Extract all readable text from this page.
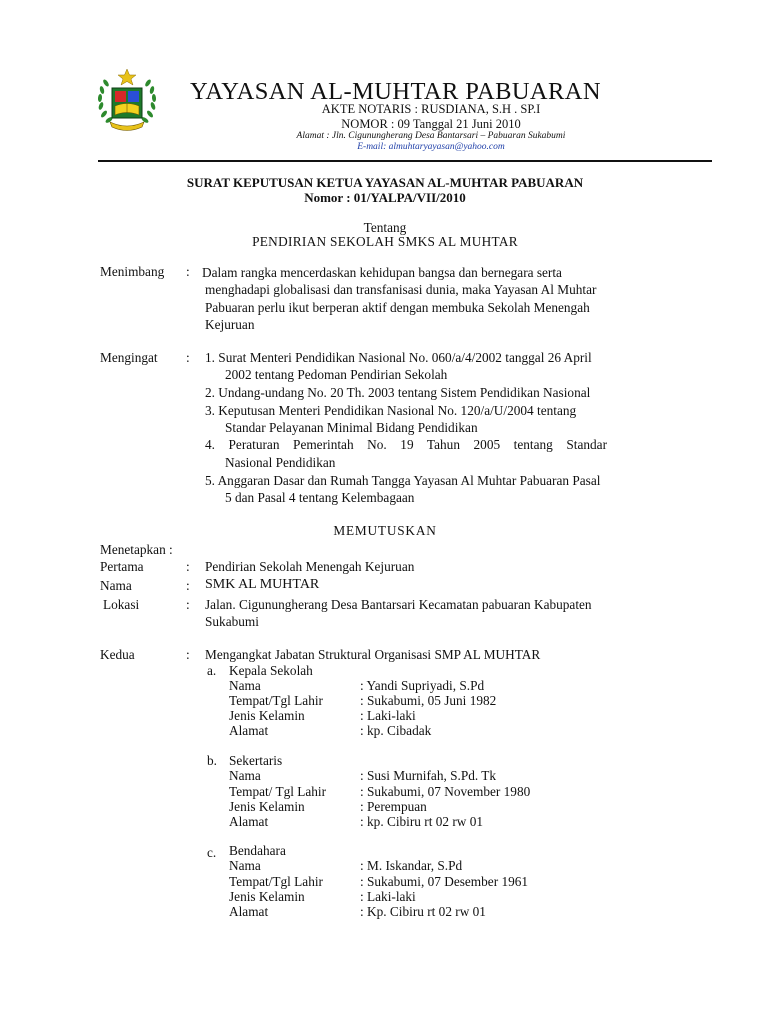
YAYASAN AL-MUHTAR PABUARAN
AKTE NOTARIS : RUSDIANA, S.H . SP.I
NOMOR : 09 Tanggal 21 Juni 2010
Alamat : Jln. Cigunungherang Desa Bantarsari – Pabuaran Sukabumi
E-mail: almuhtaryayasan@yahoo.com
SURAT KEPUTUSAN KETUA YAYASAN AL-MUHTAR PABUARAN
Nomor : 01/YALPA/VII/2010
Tentang
PENDIRIAN SEKOLAH SMKS AL MUHTAR
Menimbang : Dalam rangka mencerdaskan kehidupan bangsa dan bernegara serta
menghadapi globalisasi dan transfanisasi dunia, maka Yayasan Al Muhtar
Pabuaran perlu ikut berperan aktif dengan membuka Sekolah Menengah
Kejuruan
Mengingat : 1. Surat Menteri Pendidikan Nasional No. 060/a/4/2002 tanggal 26 April
2002 tentang Pedoman Pendirian Sekolah
2. Undang-undang No. 20 Th. 2003 tentang Sistem Pendidikan Nasional
3. Keputusan Menteri Pendidikan Nasional No. 120/a/U/2004 tentang
Standar Pelayanan Minimal Bidang Pendidikan
4. Peraturan Pemerintah No. 19 Tahun 2005 tentang Standar
Nasional Pendidikan
5. Anggaran Dasar dan Rumah Tangga Yayasan Al Muhtar Pabuaran Pasal
5 dan Pasal 4 tentang Kelembagaan
MEMUTUSKAN
Menetapkan :
Pertama	: Pendirian Sekolah Menengah Kejuruan
Nama	: SMK AL MUHTAR
Lokasi	: Jalan. Cigunungherang Desa Bantarsari Kecamatan pabuaran Kabupaten
Sukabumi
Kedua	: Mengangkat Jabatan Struktural Organisasi SMP AL MUHTAR
a. Kepala Sekolah
Nama	: Yandi Supriyadi, S.Pd
Tempat/Tgl Lahir	: Sukabumi, 05 Juni 1982
Jenis Kelamin	: Laki-laki
Alamat	: kp. Cibadak
b. Sekertaris
Nama	: Susi Murnifah, S.Pd. Tk
Tempat/ Tgl Lahir	: Sukabumi, 07 November 1980
Jenis Kelamin	: Perempuan
Alamat	: kp. Cibiru rt 02 rw 01
c. Bendahara
Nama	: M. Iskandar, S.Pd
Tempat/Tgl Lahir	: Sukabumi, 07 Desember 1961
Jenis Kelamin	: Laki-laki
Alamat	: Kp. Cibiru rt 02 rw 01
